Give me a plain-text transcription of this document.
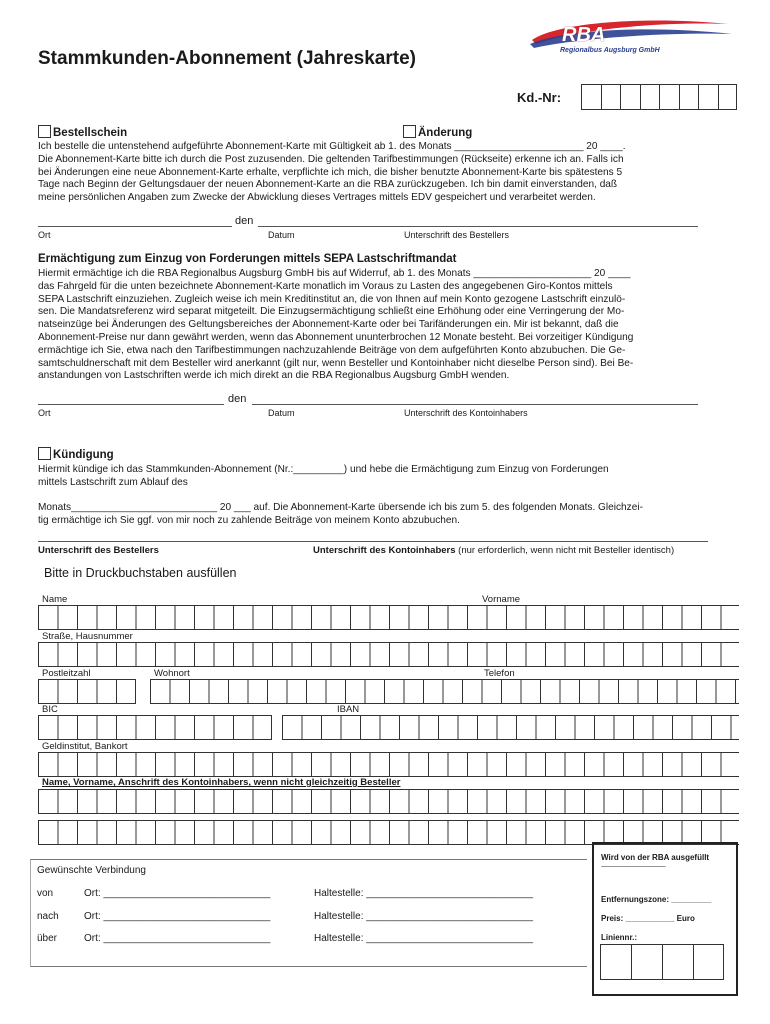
RBA
Regionalbus Augsburg GmbH
Stammkunden-Abonnement (Jahreskarte)
Kd.-Nr:
Bestellschein	Änderung
Ich bestelle die untenstehend aufgeführte Abonnement-Karte mit Gültigkeit ab 1. des Monats _______________________ 20 ____.
Die Abonnement-Karte bitte ich durch die Post zuzusenden. Die geltenden Tarifbestimmungen (Rückseite) erkenne ich an. Falls ich
bei Änderungen eine neue Abonnement-Karte erhalte, verpflichte ich mich, die bisher benutzte Abonnement-Karte bis spätestens 5
Tage nach Beginn der Geltungsdauer der neuen Abonnement-Karte an die RBA zurückzugeben. Ich bin damit einverstanden, daß
meine persönlichen Angaben zum Zwecke der Abwicklung dieses Vertrages mittels EDV gespeichert und verarbeitet werden.
den
Ort	Datum	Unterschrift des Bestellers
Ermächtigung zum Einzug von Forderungen mittels SEPA Lastschriftmandat
Hiermit ermächtige ich die RBA Regionalbus Augsburg GmbH bis auf Widerruf, ab 1. des Monats _____________________ 20 ____
das Fahrgeld für die unten bezeichnete Abonnement-Karte monatlich im Voraus zu Lasten des angegebenen Giro-Kontos mittels
SEPA Lastschrift einzuziehen. Zugleich weise ich mein Kreditinstitut an, die von Ihnen auf mein Konto gezogene Lastschrift einzulö-
sen. Die Mandatsreferenz wird separat mitgeteilt. Die Einzugsermächtigung schließt eine Erhöhung oder eine Verringerung der Mo-
natseinzüge bei Änderungen des Geltungsbereiches der Abonnement-Karte oder bei Tarifänderungen ein. Mir ist bekannt, daß die
Abonnement-Preise nur dann gewährt werden, wenn das Abonnement ununterbrochen 12 Monate besteht. Bei vorzeitiger Kündigung
ermächtige ich Sie, etwa nach den Tarifbestimmungen nachzuzahlende Beiträge von dem aufgeführten Konto abzubuchen. Die Ge-
samtschuldnerschaft mit dem Besteller wird anerkannt (gilt nur, wenn Besteller und Kontoinhaber nicht dieselbe Person sind). Bei Be-
anstandungen von Lastschriften werde ich mich direkt an die RBA Regionalbus Augsburg GmbH wenden.
den
Ort	Datum	Unterschrift des Kontoinhabers
Kündigung
Hiermit kündige ich das Stammkunden-Abonnement (Nr.:_________) und hebe die Ermächtigung zum Einzug von Forderungen
mittels Lastschrift zum Ablauf des

Monats__________________________ 20 ___ auf. Die Abonnement-Karte übersende ich bis zum 5. des folgenden Monats. Gleichzei-
tig ermächtige ich Sie ggf. von mir noch zu zahlende Beiträge von meinem Konto abzubuchen.
Unterschrift des Bestellers	Unterschrift des Kontoinhabers (nur erforderlich, wenn nicht mit Besteller identisch)
Bitte in Druckbuchstaben ausfüllen
Name	Vorname
Straße, Hausnummer
Postleitzahl	Wohnort	Telefon
BIC	IBAN
Geldinstitut, Bankort
Name, Vorname, Anschrift des Kontoinhabers, wenn nicht gleichzeitig Besteller
Gewünschte Verbindung
von	Ort: ______________________________	Haltestelle: ______________________________
nach	Ort: ______________________________	Haltestelle: ______________________________
über	Ort: ______________________________	Haltestelle: ______________________________
Wird von der RBA ausgefüllt
-------------------------------------------
Entfernungszone: _________
Preis: ___________ Euro
Liniennr.:
